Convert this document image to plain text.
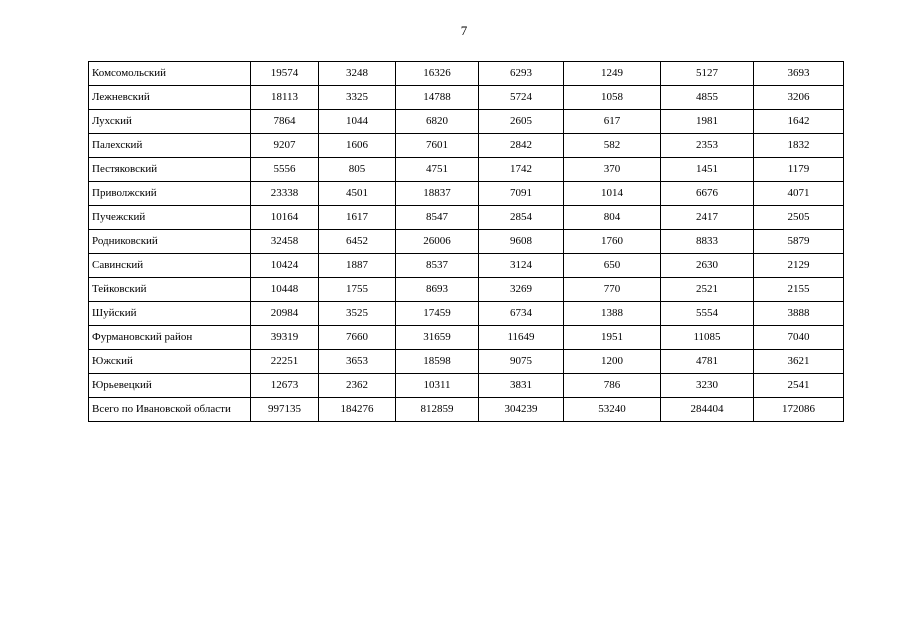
7
Комсомольский	19574	3248	16326	6293	1249	5127	3693
Лежневский	18113	3325	14788	5724	1058	4855	3206
Лухский	7864	1044	6820	2605	617	1981	1642
Палехский	9207	1606	7601	2842	582	2353	1832
Пестяковский	5556	805	4751	1742	370	1451	1179
Приволжский	23338	4501	18837	7091	1014	6676	4071
Пучежский	10164	1617	8547	2854	804	2417	2505
Родниковский	32458	6452	26006	9608	1760	8833	5879
Савинский	10424	1887	8537	3124	650	2630	2129
Тейковский	10448	1755	8693	3269	770	2521	2155
Шуйский	20984	3525	17459	6734	1388	5554	3888
Фурмановский район	39319	7660	31659	11649	1951	11085	7040
Южский	22251	3653	18598	9075	1200	4781	3621
Юрьевецкий	12673	2362	10311	3831	786	3230	2541
Всего по Ивановской области	997135	184276	812859	304239	53240	284404	172086
